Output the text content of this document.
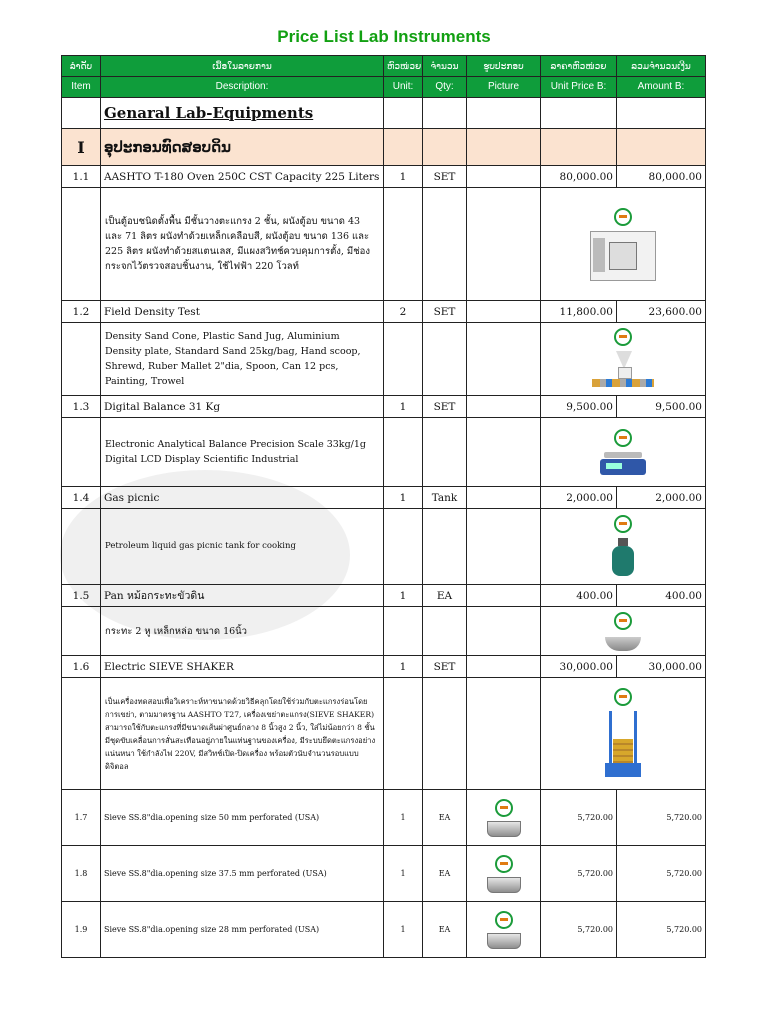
Price List Lab Instruments
ລຳດັບ	ເນື້ອໃນລາຍການ	ຫົວໜ່ວຍ	ຈຳນວນ	ຮູບປະກອບ	ລາຄາຫົວໜ່ວຍ	ລວມຈຳນວນເງີນ
Item	Description:	Unit:	Qty:	Picture	Unit Price B:	Amount B:
	Genaral Lab-Equipments					
I	ອຸປະກອນທົດສອບດິນ					
1.1	AASHTO T-180 Oven 250C CST Capacity 225 Liters	1	SET		80,000.00	80,000.00
	เป็นตู้อบชนิดตั้งพื้น มีชั้นวางตะแกรง 2 ชั้น, ผนังตู้อบ ขนาด 43 และ 71 ลิตร ผนังทำด้วยเหล็กเคลือบสี, ผนังตู้อบ ขนาด 136 และ 225 ลิตร ผนังทำด้วยสแตนเลส, มีแผงสวิทช์ควบคุมการตั้ง, มีช่องกระจกไว้ตรวจสอบชิ้นงาน, ใช้ไฟฟ้า 220 โวลท์					

1.2	Field Density Test	2	SET		11,800.00	23,600.00
	Density Sand Cone, Plastic Sand Jug, Aluminium Density plate, Standard Sand 25kg/bag, Hand scoop, Shrewd, Ruber Mallet 2"dia, Spoon, Can 12 pcs, Painting, Trowel					

1.3	Digital Balance 31 Kg	1	SET		9,500.00	9,500.00
	Electronic Analytical Balance Precision Scale 33kg/1g Digital LCD Display Scientific Industrial					

1.4	Gas picnic	1	Tank		2,000.00	2,000.00
	Petroleum liquid gas picnic tank for cooking					

1.5	Pan หม้อกระทะขัวดิน	1	EA		400.00	400.00
	กระทะ 2 หู เหล็กหล่อ ขนาด 16นิ้ว					

1.6	Electric SIEVE SHAKER	1	SET		30,000.00	30,000.00
	เป็นเครื่องทดสอบเพื่อวิเคราะห์หาขนาดด้วยวิธีคลุกโดยใช้ร่วมกับตะแกรงร่อนโดยการเขย่า, ตามมาตรฐาน AASHTO T27, เครื่องเขย่าตะแกรง(SIEVE SHAKER) สามารถใช้กับตะแกรงที่มีขนาดเส้นผ่าศูนย์กลาง 8 นิ้วสูง 2 นิ้ว, ใส่ไม่น้อยกว่า 8 ชั้น มีชุดขับเคลื่อนการสั่นสะเทือนอยู่ภายในแท่นฐานของเครื่อง, มีระบบยึดตะแกรงอย่างแน่นหนา ใช้กำลังไฟ 220V, มีสวิทช์เปิด-ปิดเครื่อง พร้อมตัวนับจำนวนรอบแบบดิจิตอล					

1.7	Sieve SS.8"dia.opening size 50 mm perforated (USA)	1	EA		5,720.00	5,720.00
1.8	Sieve SS.8"dia.opening size 37.5 mm perforated (USA)	1	EA		5,720.00	5,720.00
1.9	Sieve SS.8"dia.opening size 28 mm perforated (USA)	1	EA		5,720.00	5,720.00
